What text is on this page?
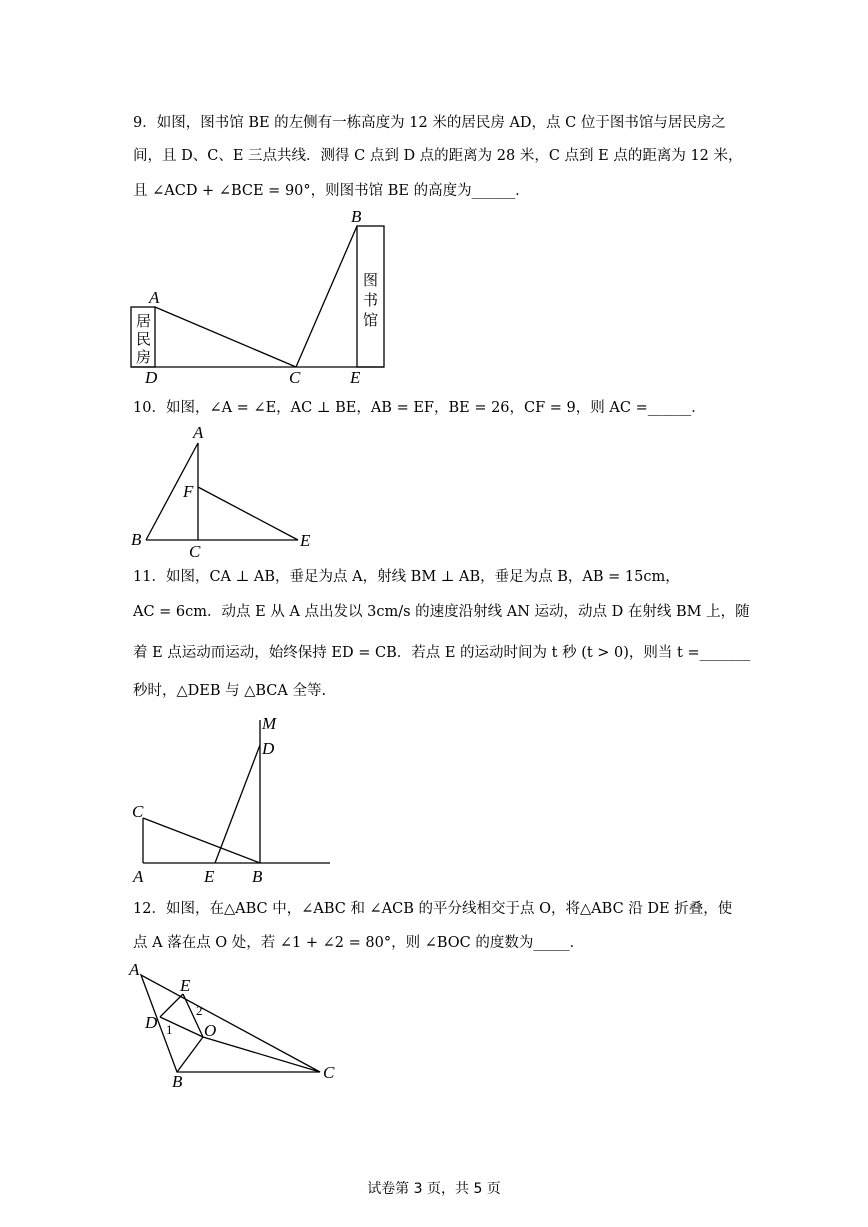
9．如图，图书馆 BE 的左侧有一栋高度为 12 米的居民房 AD，点 C 位于图书馆与居民房之
间，且 D、C、E 三点共线．测得 C 点到 D 点的距离为 28 米，C 点到 E 点的距离为 12 米，
且 ∠ACD + ∠BCE = 90°，则图书馆 BE 的高度为______．
居
民
房
图
书
馆
A
B
C
D	E
10．如图，∠A = ∠E，AC ⊥ BE，AB = EF，BE = 26，CF = 9，则 AC =______．
A
F
B
C
E
11．如图，CA ⊥ AB，垂足为点 A，射线 BM ⊥ AB，垂足为点 B，AB = 15cm，
AC = 6cm．动点 E 从 A 点出发以 3cm/s 的速度沿射线 AN 运动，动点 D 在射线 BM 上，随
着 E 点运动而运动，始终保持 ED = CB．若点 E 的运动时间为 t 秒 (t > 0)，则当 t =_______
秒时，△DEB 与 △BCA 全等.
M
D
C
A	E B
12．如图，在△ABC 中，∠ABC 和 ∠ACB 的平分线相交于点 O，将△ABC 沿 DE 折叠，使
点 A 落在点 O 处，若 ∠1 + ∠2 = 80°，则 ∠BOC 的度数为_____．
A
E
2
D 1 O
B	C
试卷第 3 页，共 5 页
